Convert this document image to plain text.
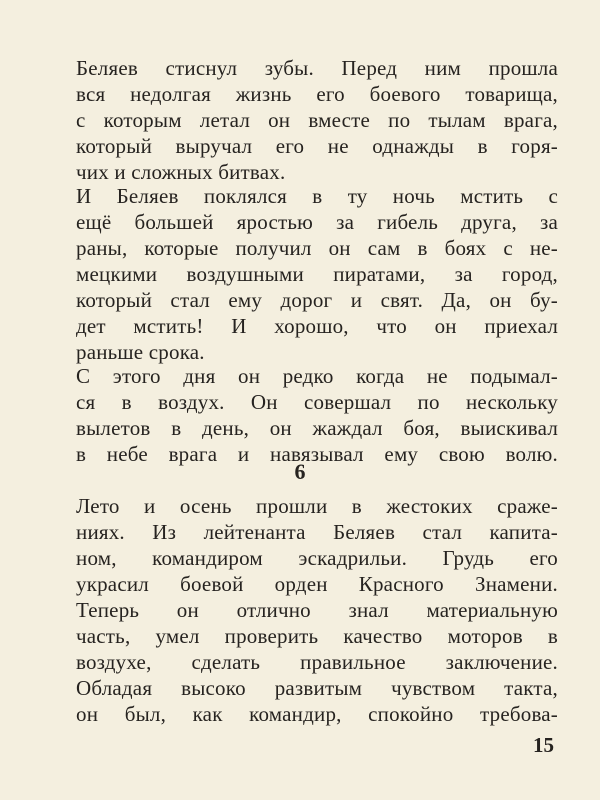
Беляев стиснул зубы. Перед ним прошла
вся недолгая жизнь его боевого товарища,
с которым летал он вместе по тылам врага,
который выручал его не однажды в горя-
чих и сложных битвах.
И Беляев поклялся в ту ночь мстить с
ещё большей яростью за гибель друга, за
раны, которые получил он сам в боях с не-
мецкими воздушными пиратами, за город,
который стал ему дорог и свят. Да, он бу-
дет мстить! И хорошо, что он приехал
раньше срока.
С этого дня он редко когда не подымал-
ся в воздух. Он совершал по нескольку
вылетов в день, он жаждал боя, выискивал
в небе врага и навязывал ему свою волю.
6
Лето и осень прошли в жестоких сраже-
ниях. Из лейтенанта Беляев стал капита-
ном, командиром эскадрильи. Грудь его
украсил боевой орден Красного Знамени.
Теперь он отлично знал материальную
часть, умел проверить качество моторов в
воздухе, сделать правильное заключение.
Обладая высоко развитым чувством такта,
он был, как командир, спокойно требова-
15
